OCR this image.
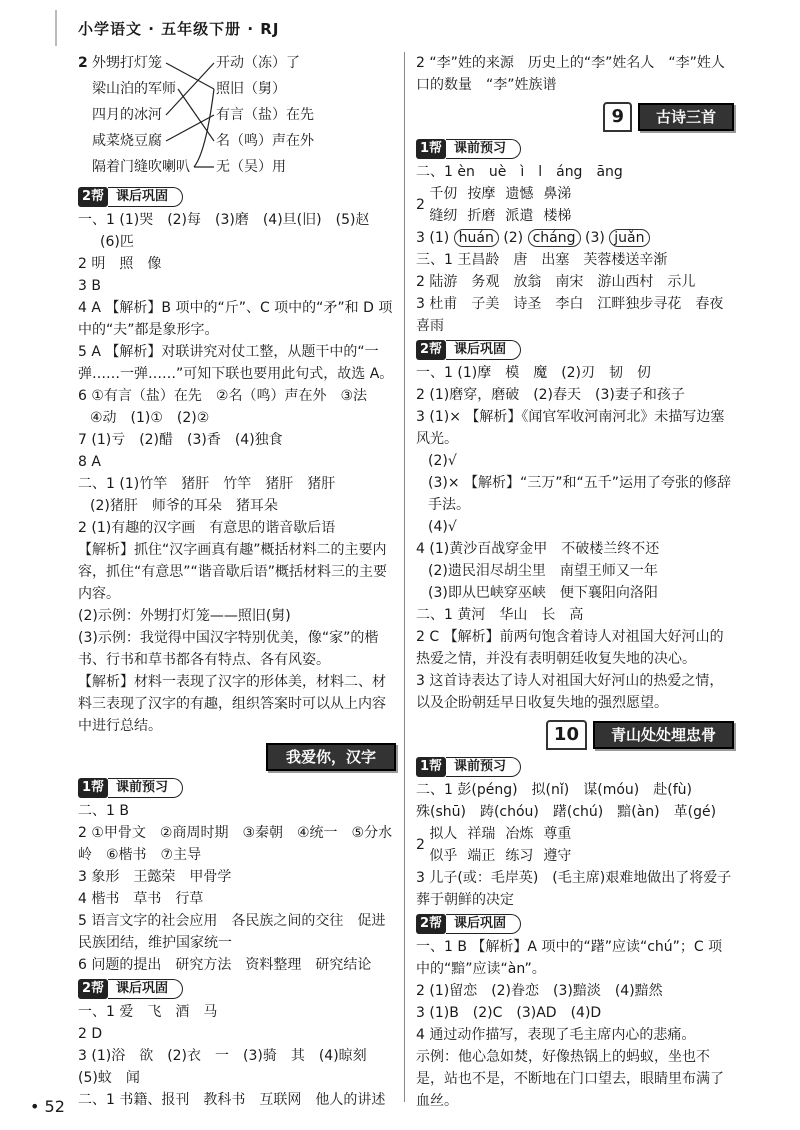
小学语文 · 五年级下册 · RJ
2 外甥打灯笼
梁山泊的军师
四月的冰河
咸菜烧豆腐
隔着门缝吹喇叭
开动（冻）了
照旧（舅）
有言（盐）在先
名（鸣）声在外
无（吴）用
2帮 课后巩固
一、1 (1)哭　(2)每　(3)磨　(4)旦(旧)　(5)赵
(6)匹
2 明　照　像
3 B
4 A 【解析】B 项中的“斤”、C 项中的“矛”和 D 项中的“夫”都是象形字。
5 A 【解析】对联讲究对仗工整，从题干中的“一弹……一弹……”可知下联也要用此句式，故选 A。
6 ①有言（盐）在先　②名（鸣）声在外　③法
④动　(1)①　(2)②
7 (1)亏　(2)醋　(3)香　(4)独食
8 A
二、1 (1)竹竿　猪肝　竹竿　猪肝　猪肝
(2)猪肝　师爷的耳朵　猪耳朵
2 (1)有趣的汉字画　有意思的谐音歇后语
【解析】抓住“汉字画真有趣”概括材料二的主要内容，抓住“有意思”“谐音歇后语”概括材料三的主要内容。
(2)示例：外甥打灯笼——照旧(舅)
(3)示例：我觉得中国汉字特别优美，像“家”的楷书、行书和草书都各有特点、各有风姿。
【解析】材料一表现了汉字的形体美，材料二、材料三表现了汉字的有趣，组织答案时可以从上内容中进行总结。
我爱你，汉字
1帮 课前预习
二、1 B
2 ①甲骨文　②商周时期　③秦朝　④统一　⑤分水岭　⑥楷书　⑦主导
3 象形　王懿荣　甲骨学
4 楷书　草书　行草
5 语言文字的社会应用　各民族之间的交往　促进民族团结，维护国家统一
6 问题的提出　研究方法　资料整理　研究结论
2帮 课后巩固
一、1 爱　飞　酒　马
2 D
3 (1)浴　欲　(2)衣　一　(3)骑　其　(4)晾刻　(5)蚊　闻
二、1 书籍、报刊　教科书　互联网　他人的讲述
2 “李”姓的来源　历史上的“李”姓名人　“李”姓人口的数量　“李”姓族谱
9	古诗三首
1帮 课前预习
二、1 èn　uè　ì　l　áng　āng
2
千仞 按摩 遗憾 鼻涕
缝纫 折磨 派遣 楼梯
3 (1) huán (2) cháng (3) juǎn
三、1 王昌龄　唐　出塞　芙蓉楼送辛渐
2 陆游　务观　放翁　南宋　游山西村　示儿
3 杜甫　子美　诗圣　李白　江畔独步寻花　春夜喜雨
2帮 课后巩固
一、1 (1)摩　模　魔　(2)刃　韧　仞
2 (1)磨穿，磨破　(2)春天　(3)妻子和孩子
3 (1)× 【解析】《闻官军收河南河北》未描写边塞风光。
(2)√
(3)× 【解析】“三万”和“五千”运用了夸张的修辞手法。
(4)√
4 (1)黄沙百战穿金甲　不破楼兰终不还
(2)遗民泪尽胡尘里　南望王师又一年
(3)即从巴峡穿巫峡　便下襄阳向洛阳
二、1 黄河　华山　长　高
2 C 【解析】前两句饱含着诗人对祖国大好河山的热爱之情，并没有表明朝廷收复失地的决心。
3 这首诗表达了诗人对祖国大好河山的热爱之情，以及企盼朝廷早日收复失地的强烈愿望。
10	青山处处埋忠骨
1帮 课前预习
二、1 彭(péng)　拟(nǐ)　谋(móu)　赴(fù)
殊(shū)　踌(chóu)　躇(chú)　黯(àn)　革(gé)
2
拟人 祥瑞 冶炼 尊重
似乎 端正 练习 遵守
3 儿子(或：毛岸英)　(毛主席)艰难地做出了将爱子葬于朝鲜的决定
2帮 课后巩固
一、1 B 【解析】A 项中的“躇”应读“chú”；C 项中的“黯”应读“àn”。
2 (1)留恋　(2)眷恋　(3)黯淡　(4)黯然
3 (1)B　(2)C　(3)AD　(4)D
4 通过动作描写，表现了毛主席内心的悲痛。
示例：他心急如焚，好像热锅上的蚂蚁，坐也不是，站也不是，不断地在门口望去，眼睛里布满了血丝。
• 52
